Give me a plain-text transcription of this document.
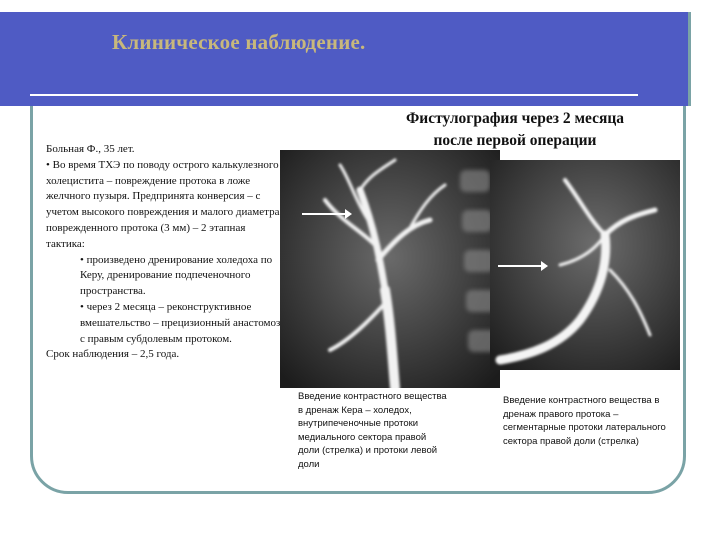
Клиническое наблюдение.
Фистулография через 2 месяца
после первой операции

Больная Ф., 35 лет.

• Во время ТХЭ по поводу острого калькулезного холецистита – повреждение протока в ложе желчного пузыря. Предпринята конверсия – с учетом высокого повреждения и малого диаметра поврежденного протока (3 мм) – 2 этапная тактика:

• произведено дренирование холедоха по Керу, дренирование подпеченочного пространства.

• через 2 месяца – реконструктивное вмешательство – прецизионный анастомоз с правым субдолевым протоком.

Срок наблюдения – 2,5 года.

Введение контрастного вещества в дренаж Кера – холедох, внутрипеченочные протоки медиального сектора правой доли (стрелка) и протоки левой доли

Введение контрастного вещества в дренаж правого протока – сегментарные протоки латерального сектора правой доли (стрелка)
